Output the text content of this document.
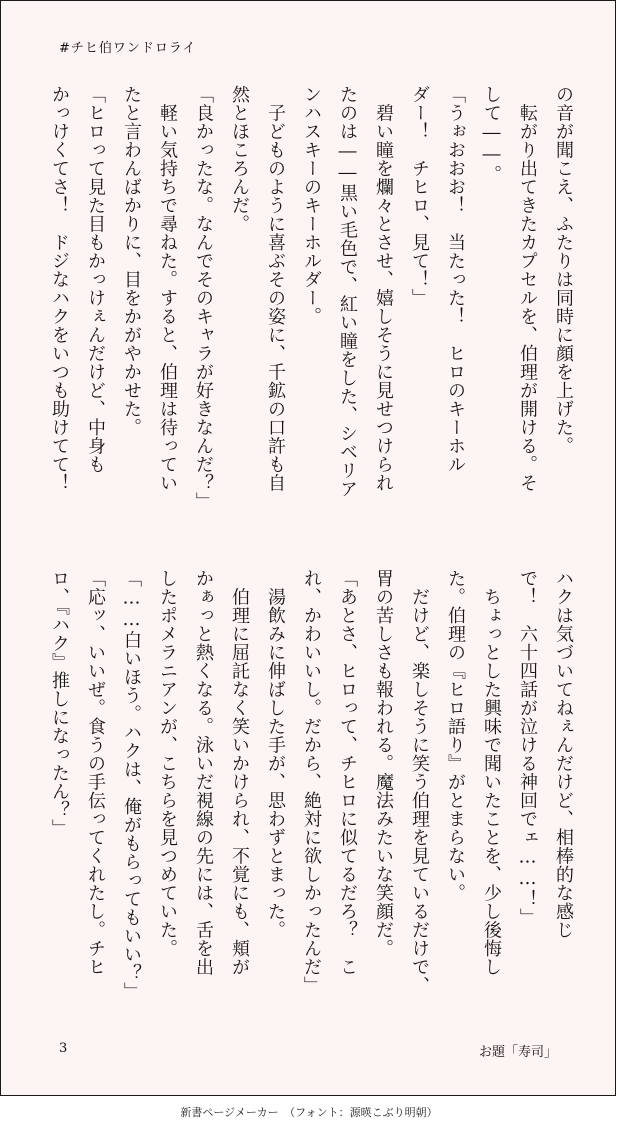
#チヒ伯ワンドロライ
の音が聞こえ、ふたりは同時に顔を上げた。
　転がり出てきたカプセルを、伯理が開ける。そ
して――。
「うぉおおお！　当たった！　ヒロのキーホル
ダー！　チヒロ、見て！」
　碧い瞳を爛々とさせ、嬉しそうに見せつけられ
たのは――黒い毛色で、紅い瞳をした、シベリア
ンハスキーのキーホルダー。
　子どものように喜ぶその姿に、千鉱の口許も自
然とほころんだ。
「良かったな。なんでそのキャラが好きなんだ？」
　軽い気持ちで尋ねた。すると、伯理は待ってい
たと言わんばかりに、目をかがやかせた。
「ヒロって見た目もかっけぇんだけど、中身も
かっけくてさ！　ドジなハクをいつも助けてて！
ハクは気づいてねぇんだけど、相棒的な感じ
で！　六十四話が泣ける神回でェ……！」
　ちょっとした興味で聞いたことを、少し後悔し
た。伯理の『ヒロ語り』がとまらない。
　だけど、楽しそうに笑う伯理を見ているだけで、
胃の苦しさも報われる。魔法みたいな笑顔だ。
「あとさ、ヒロって、チヒロに似てるだろ？　こ
れ、かわいいし。だから、絶対に欲しかったんだ」
　湯飲みに伸ばした手が、思わずとまった。
　伯理に屈託なく笑いかけられ、不覚にも、頬が
かぁっと熱くなる。泳いだ視線の先には、舌を出
したポメラニアンが、こちらを見つめていた。
「……白いほう。ハクは、俺がもらってもいい？」
「応ッ、いいぜ。食うの手伝ってくれたし。チヒ
ロ、『ハク』推しになったん？」
3	お題「寿司」
新書ページメーカー　（フォント：源暎こぶり明朝）
